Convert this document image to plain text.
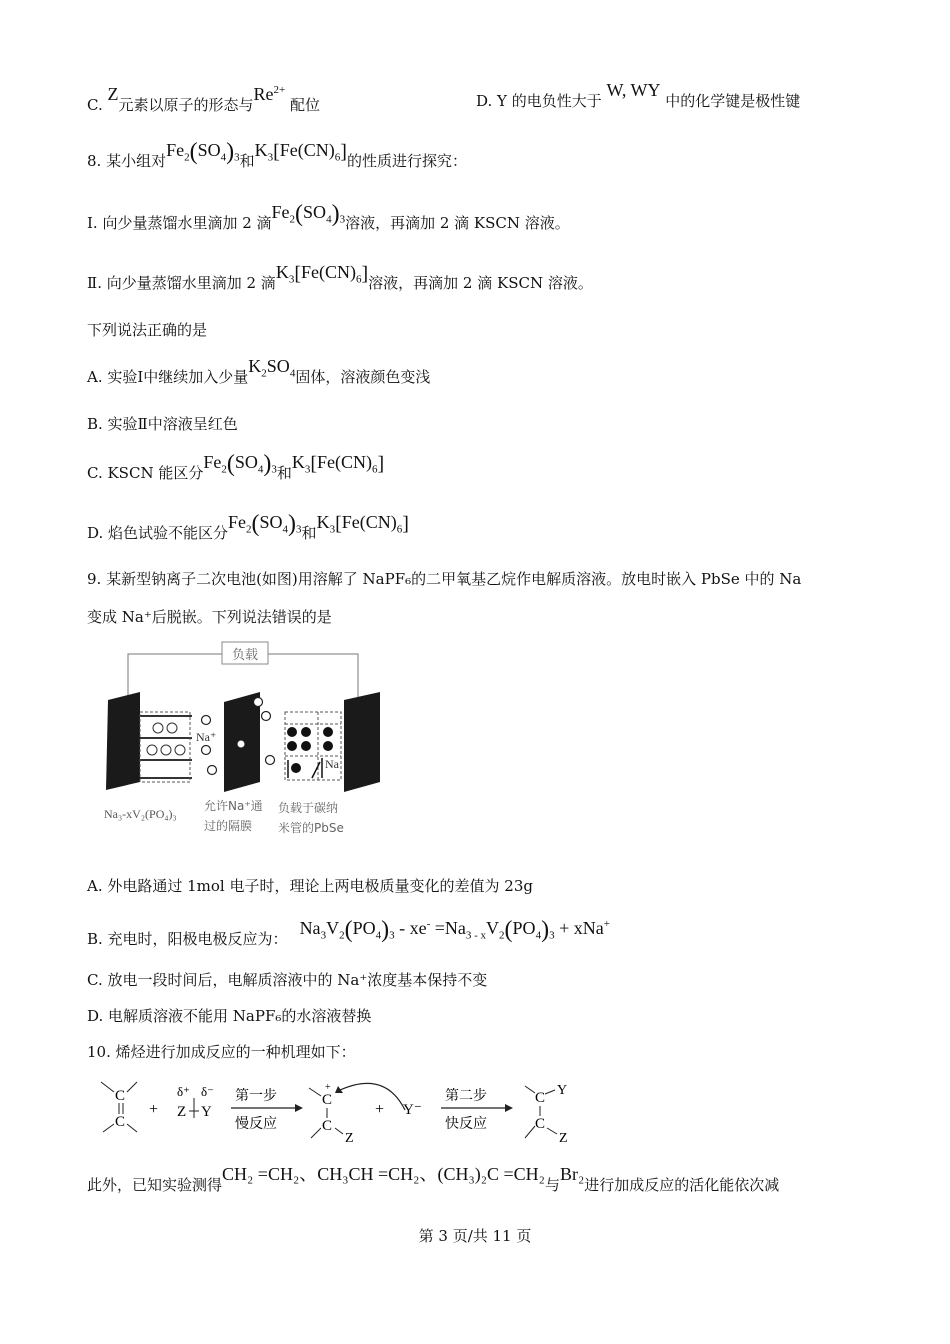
C. Z元素以原子的形态与$Re^{2+}$ 配位	D. Y 的电负性大于 W, WY 中的化学键是极性键
8. 某小组对$Fe_2(SO_4)_3$和$K_3[Fe(CN)_6]$的性质进行探究：
Ⅰ. 向少量蒸馏水里滴加 2 滴$Fe_2(SO_4)_3$溶液，再滴加 2 滴 KSCN 溶液。
Ⅱ. 向少量蒸馏水里滴加 2 滴$K_3[Fe(CN)_6]$溶液，再滴加 2 滴 KSCN 溶液。
下列说法正确的是
A. 实验Ⅰ中继续加入少量$K_2SO_4$固体，溶液颜色变浅
B. 实验Ⅱ中溶液呈红色
C. KSCN 能区分$Fe_2(SO_4)_3$和$K_3[Fe(CN)_6]$
D. 焰色试验不能区分$Fe_2(SO_4)_3$和$K_3[Fe(CN)_6]$
9. 某新型钠离子二次电池(如图)用溶解了 NaPF₆的二甲氧基乙烷作电解质溶液。放电时嵌入 PbSe 中的 Na
变成 Na⁺后脱嵌。下列说法错误的是
负载
Na⁺
Na
Na₃-xV₂(PO₄)₃
允许Na⁺通
过的隔膜
负载于碳纳
米管的PbSe
A. 外电路通过 1mol 电子时，理论上两电极质量变化的差值为 23g
B. 充电时，阳极电极反应为：$Na_3V_2(PO_4)_3 - xe^- =Na_{3 - x}V_2(PO_4)_3 + xNa^+$
C. 放电一段时间后，电解质溶液中的 Na⁺浓度基本保持不变
D. 电解质溶液不能用 NaPF₆的水溶液替换
10. 烯烃进行加成反应的一种机理如下：
C
C
+
δ⁺ δ⁻
Z Y
第一步
慢反应
+
C
C
Z
+ Y⁻
第二步
快反应
C
C
Y
Z
此外，已知实验测得CH₂ =CH₂、CH₃CH =CH₂、(CH₃)₂C =CH₂与Br₂进行加成反应的活化能依次减
第 3 页/共 11 页
